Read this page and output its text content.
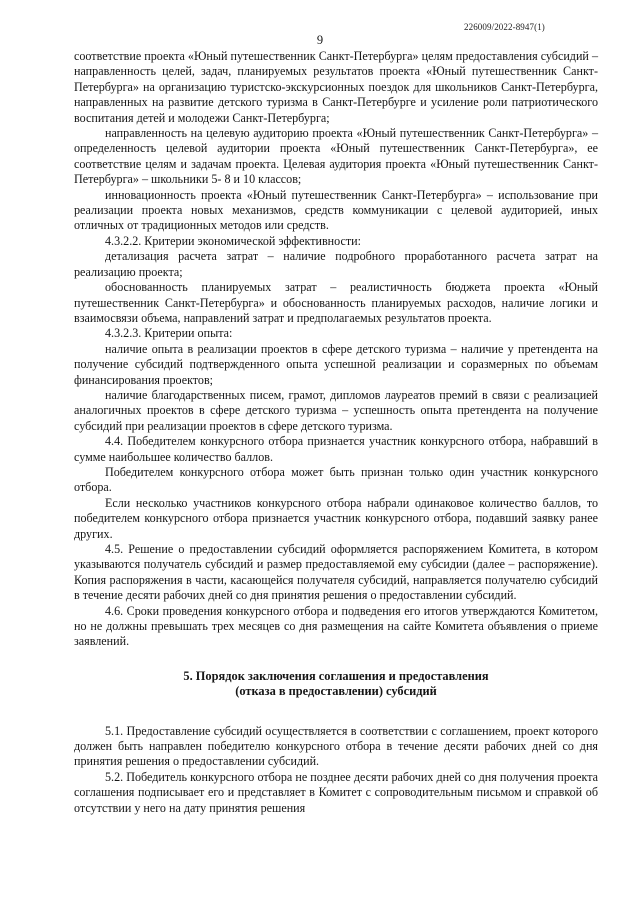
226009/2022-8947(1)
9

соответствие проекта «Юный путешественник Санкт-Петербурга» целям предоставления субсидий – направленность целей, задач, планируемых результатов проекта «Юный путешественник Санкт-Петербурга» на организацию туристско-экскурсионных поездок для школьников Санкт-Петербурга, направленных на развитие детского туризма в Санкт-Петербурге и усиление роли патриотического воспитания детей и молодежи Санкт-Петербурга;

направленность на целевую аудиторию проекта «Юный путешественник Санкт-Петербурга» – определенность целевой аудитории проекта «Юный путешественник Санкт-Петербурга», ее соответствие целям и задачам проекта. Целевая аудитория проекта «Юный путешественник Санкт-Петербурга» – школьники 5- 8 и 10 классов;

инновационность проекта «Юный путешественник Санкт-Петербурга» – использование при реализации проекта новых механизмов, средств коммуникации с целевой аудиторией, иных отличных от традиционных методов или средств.

4.3.2.2. Критерии экономической эффективности:

детализация расчета затрат – наличие подробного проработанного расчета затрат на реализацию проекта;

обоснованность планируемых затрат – реалистичность бюджета проекта «Юный путешественник Санкт-Петербурга» и обоснованность планируемых расходов, наличие логики и взаимосвязи объема, направлений затрат и предполагаемых результатов проекта.

4.3.2.3. Критерии опыта:

наличие опыта в реализации проектов в сфере детского туризма – наличие у претендента на получение субсидий подтвержденного опыта успешной реализации и соразмерных по объемам финансирования проектов;

наличие благодарственных писем, грамот, дипломов лауреатов премий в связи с реализацией аналогичных проектов в сфере детского туризма – успешность опыта претендента на получение субсидий при реализации проектов в сфере детского туризма.

4.4. Победителем конкурсного отбора признается участник конкурсного отбора, набравший в сумме наибольшее количество баллов.

Победителем конкурсного отбора может быть признан только один участник конкурсного отбора.

Если несколько участников конкурсного отбора набрали одинаковое количество баллов, то победителем конкурсного отбора признается участник конкурсного отбора, подавший заявку ранее других.

4.5. Решение о предоставлении субсидий оформляется распоряжением Комитета, в котором указываются получатель субсидий и размер предоставляемой ему субсидии (далее – распоряжение). Копия распоряжения в части, касающейся получателя субсидий, направляется получателю субсидий в течение десяти рабочих дней со дня принятия решения о предоставлении субсидий.

4.6. Сроки проведения конкурсного отбора и подведения его итогов утверждаются Комитетом, но не должны превышать трех месяцев со дня размещения на сайте Комитета объявления о приеме заявлений.

5. Порядок заключения соглашения и предоставления
(отказа в предоставлении) субсидий

5.1. Предоставление субсидий осуществляется в соответствии с соглашением, проект которого должен быть направлен победителю конкурсного отбора в течение десяти рабочих дней со дня принятия решения о предоставлении субсидий.

5.2. Победитель конкурсного отбора не позднее десяти рабочих дней со дня получения проекта соглашения подписывает его и представляет в Комитет с сопроводительным письмом и справкой об отсутствии у него на дату принятия решения
